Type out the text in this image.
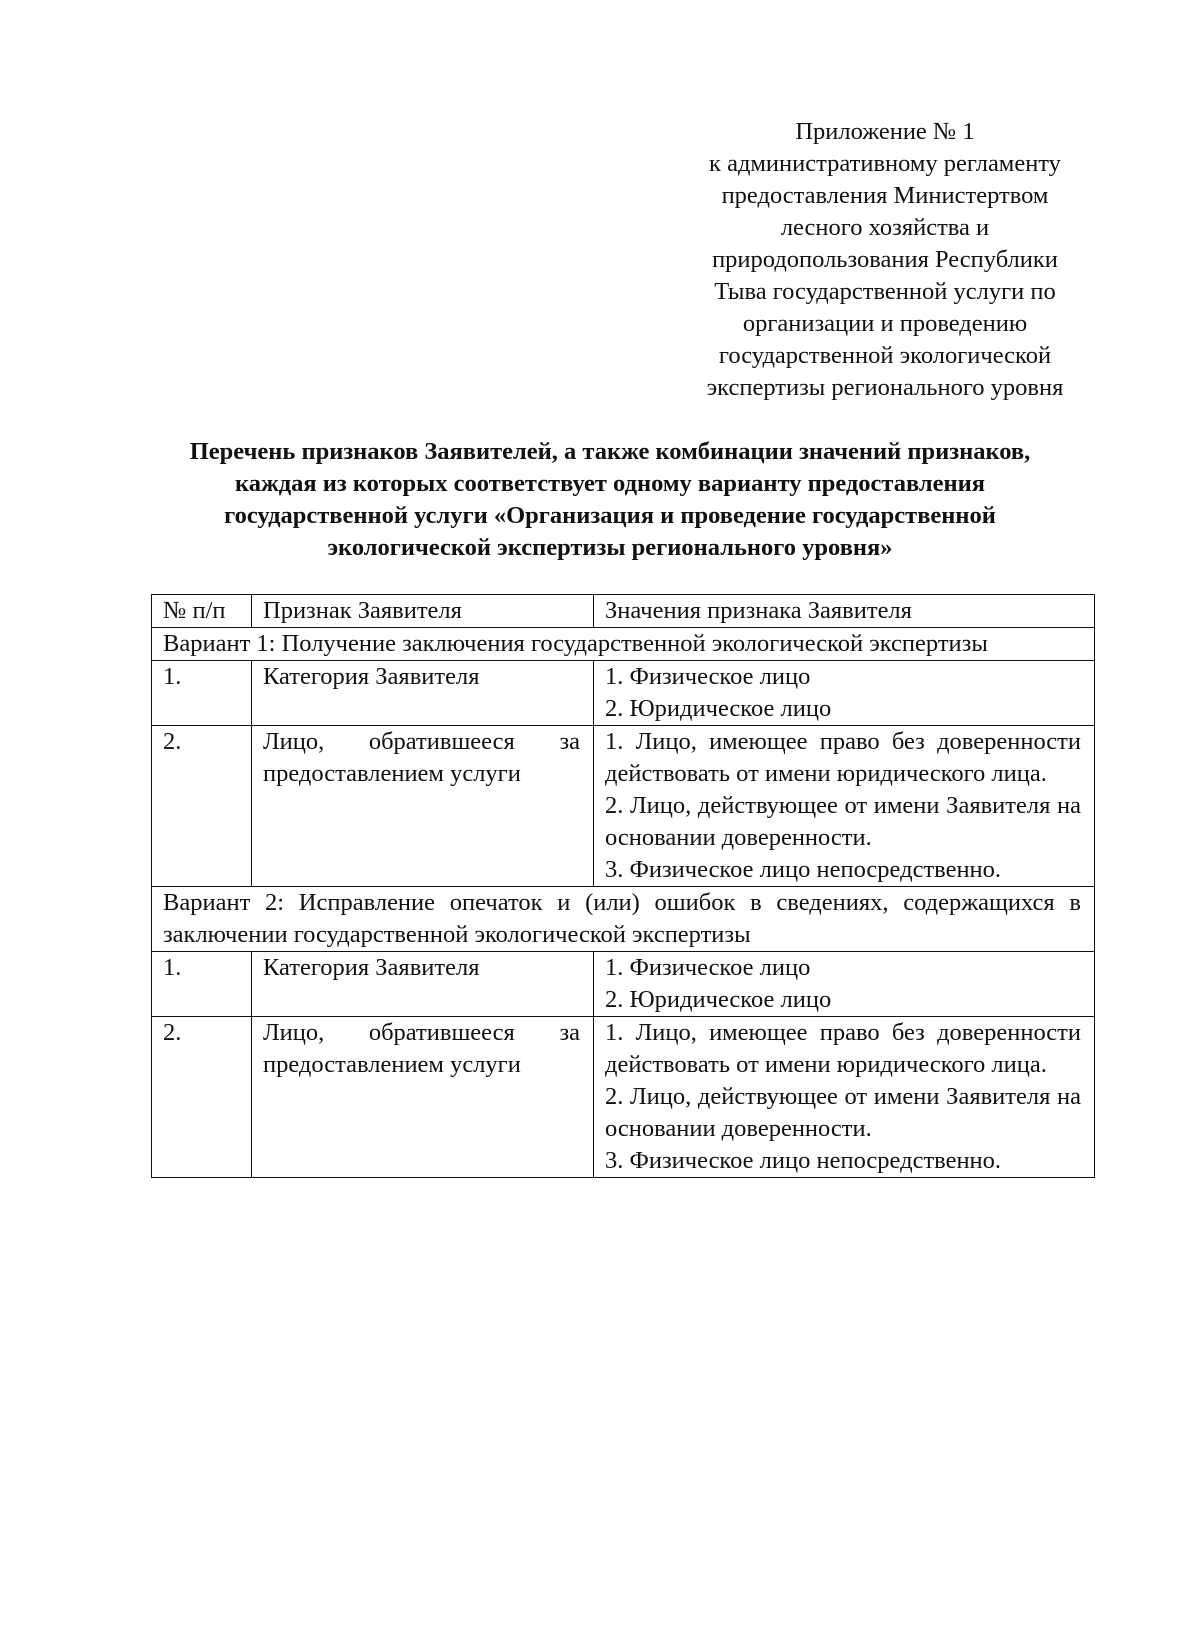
Приложение № 1
к административному регламенту
предоставления Министертвом
лесного хозяйства и
природопользования Республики
Тыва государственной услуги по
организации и проведению
государственной экологической
экспертизы регионального уровня
Перечень признаков Заявителей, а также комбинации значений признаков,
каждая из которых соответствует одному варианту предоставления
государственной услуги «Организация и проведение государственной
экологической экспертизы регионального уровня»
№ п/п	Признак Заявителя	Значения признака Заявителя
Вариант 1: Получение заключения государственной экологической экспертизы		
1.	Категория Заявителя	1. Физическое лицо
2. Юридическое лицо

2.	Лицо, обратившееся за предоставлением услуги	1. Лицо, имеющее право без доверенности действовать от имени юридического лица.
2. Лицо, действующее от имени Заявителя на основании доверенности.
3. Физическое лицо непосредственно.

Вариант 2: Исправление опечаток и (или) ошибок в сведениях, содержащихся в заключении государственной экологической экспертизы		
1.	Категория Заявителя	1. Физическое лицо
2. Юридическое лицо

2.	Лицо, обратившееся за предоставлением услуги	1. Лицо, имеющее право без доверенности действовать от имени юридического лица.
2. Лицо, действующее от имени Заявителя на основании доверенности.
3. Физическое лицо непосредственно.
